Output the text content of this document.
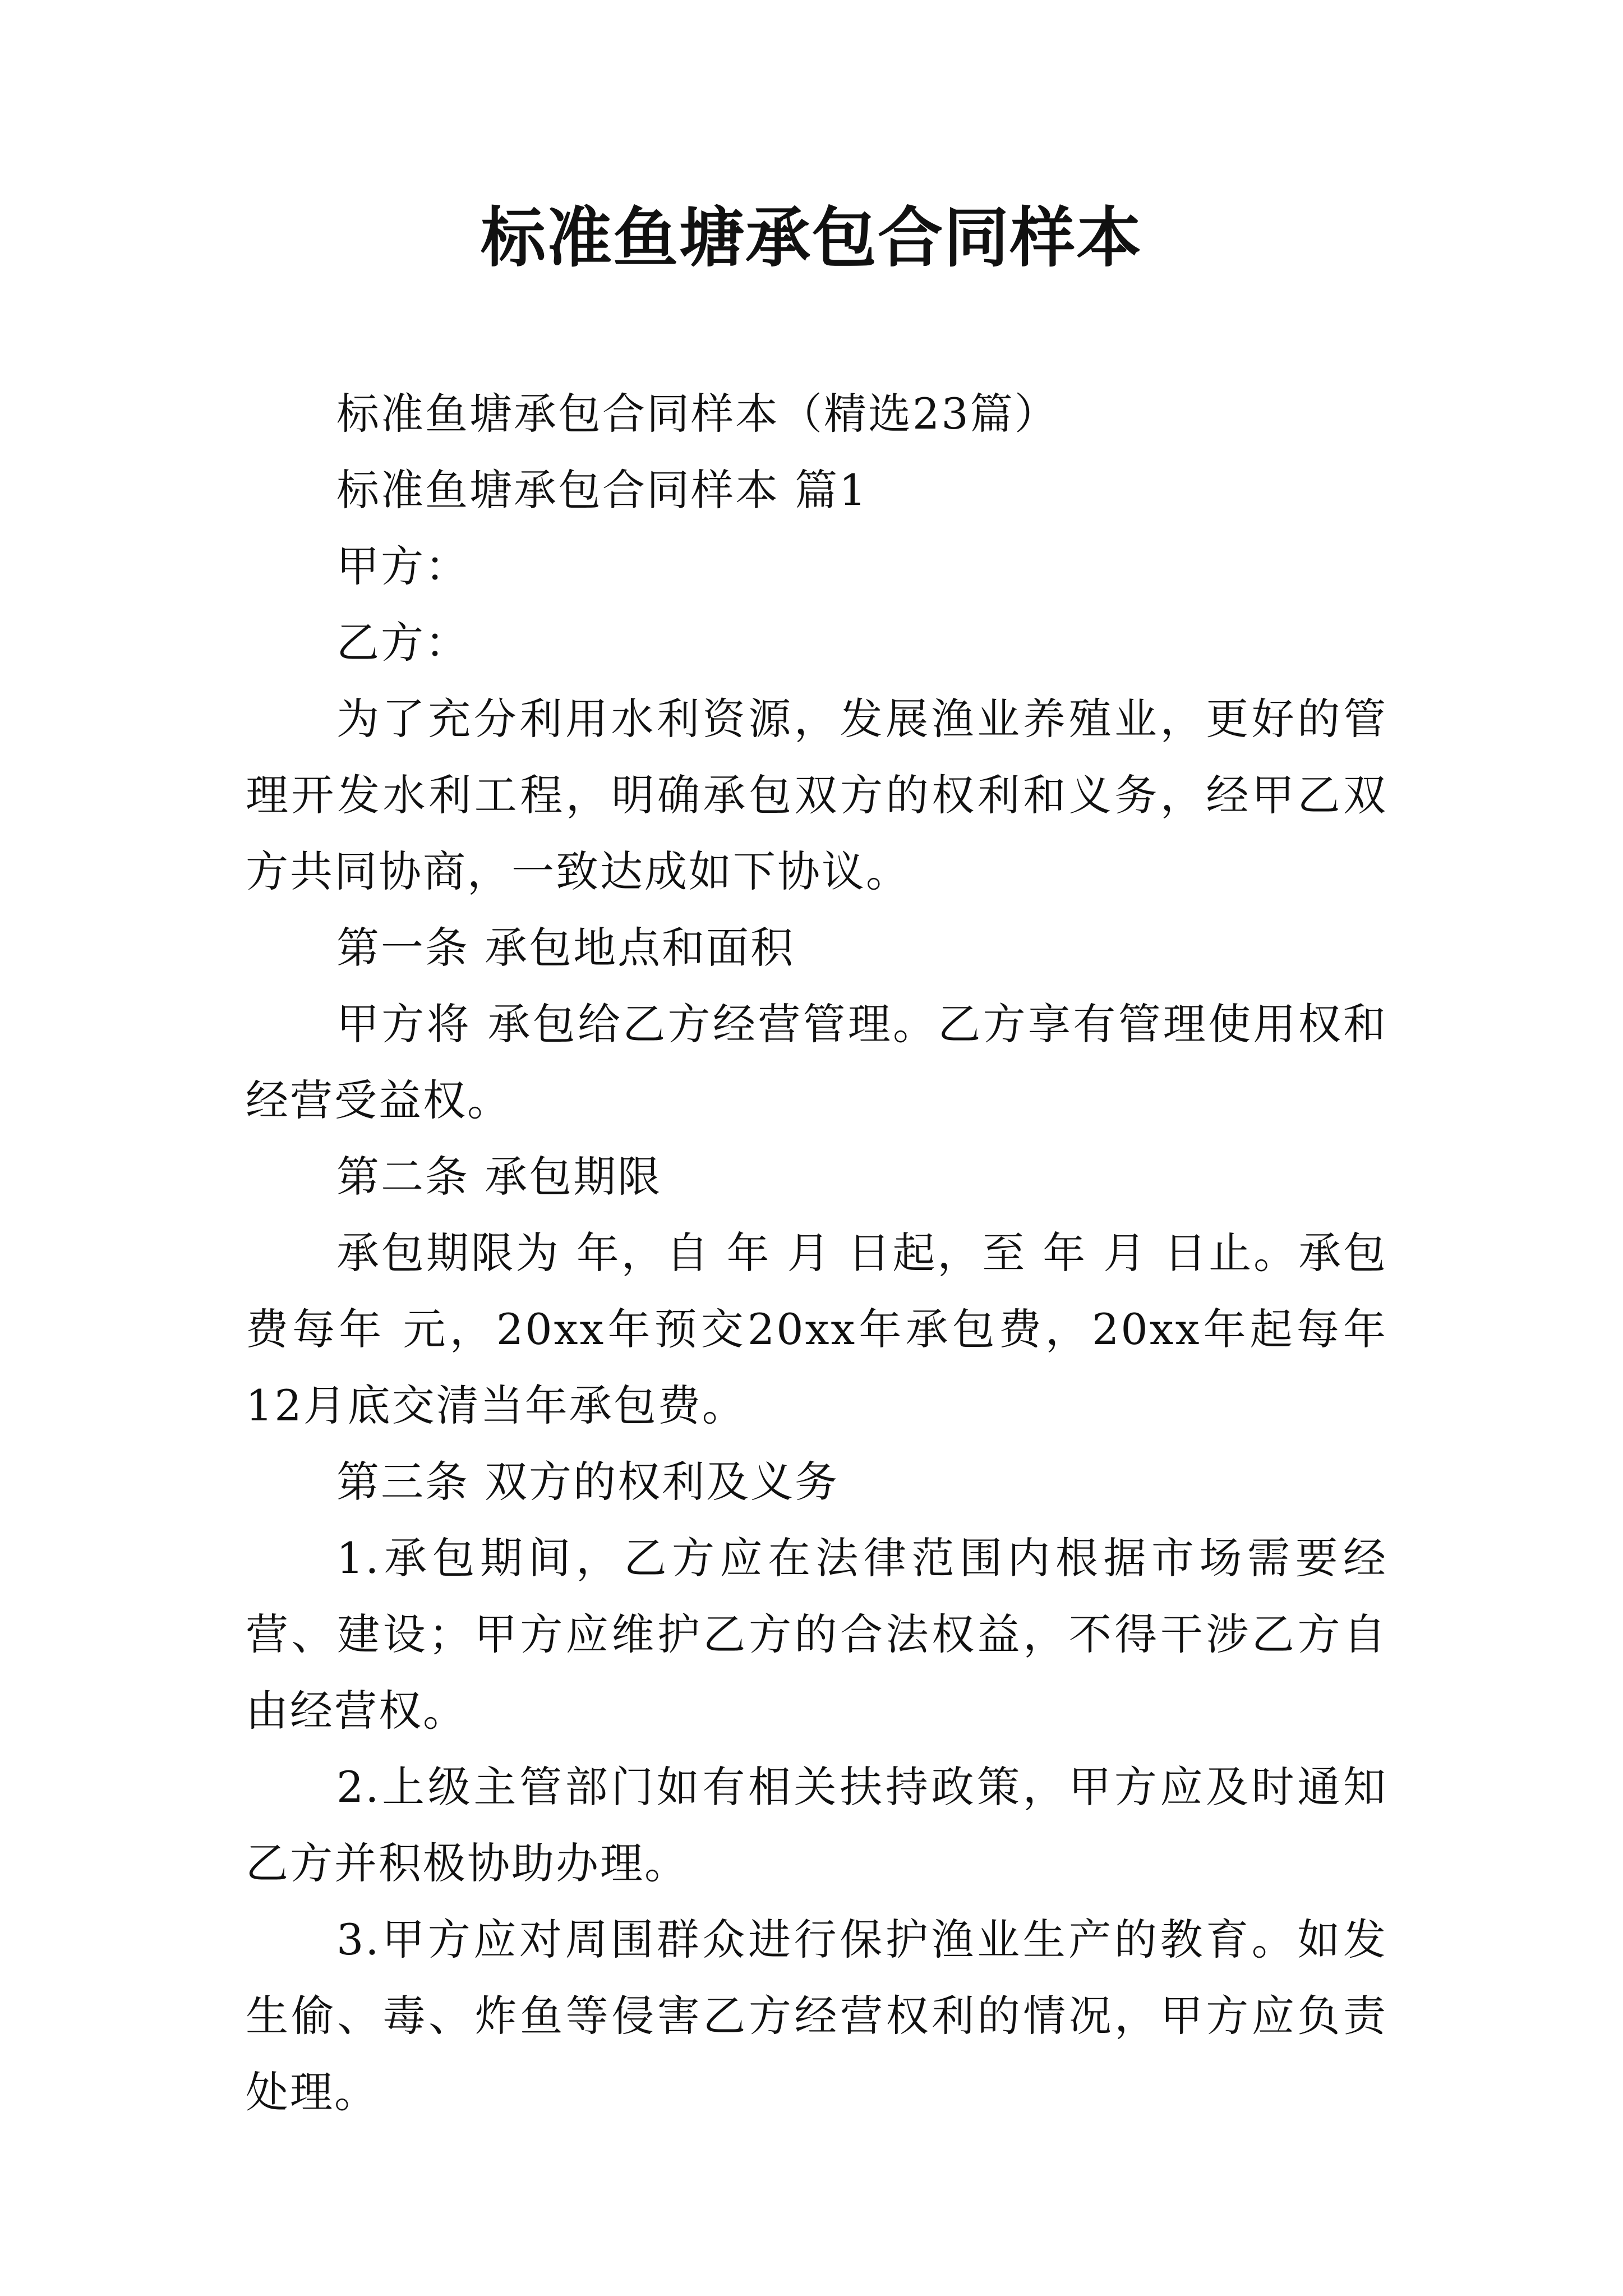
标准鱼塘承包合同样本

标准鱼塘承包合同样本（精选23篇）

标准鱼塘承包合同样本 篇1

甲方：

乙方：

为了充分利用水利资源，发展渔业养殖业，更好的管理开发水利工程，明确承包双方的权利和义务，经甲乙双方共同协商，一致达成如下协议。

第一条 承包地点和面积

甲方将 承包给乙方经营管理。乙方享有管理使用权和经营受益权。

第二条 承包期限

承包期限为 年，自 年 月 日起，至 年 月 日止。承包费每年 元，20xx年预交20xx年承包费，20xx年起每年12月底交清当年承包费。

第三条 双方的权利及义务

1.承包期间，乙方应在法律范围内根据市场需要经营、建设；甲方应维护乙方的合法权益，不得干涉乙方自由经营权。

2.上级主管部门如有相关扶持政策，甲方应及时通知乙方并积极协助办理。

3.甲方应对周围群众进行保护渔业生产的教育。如发生偷、毒、炸鱼等侵害乙方经营权利的情况，甲方应负责处理。
